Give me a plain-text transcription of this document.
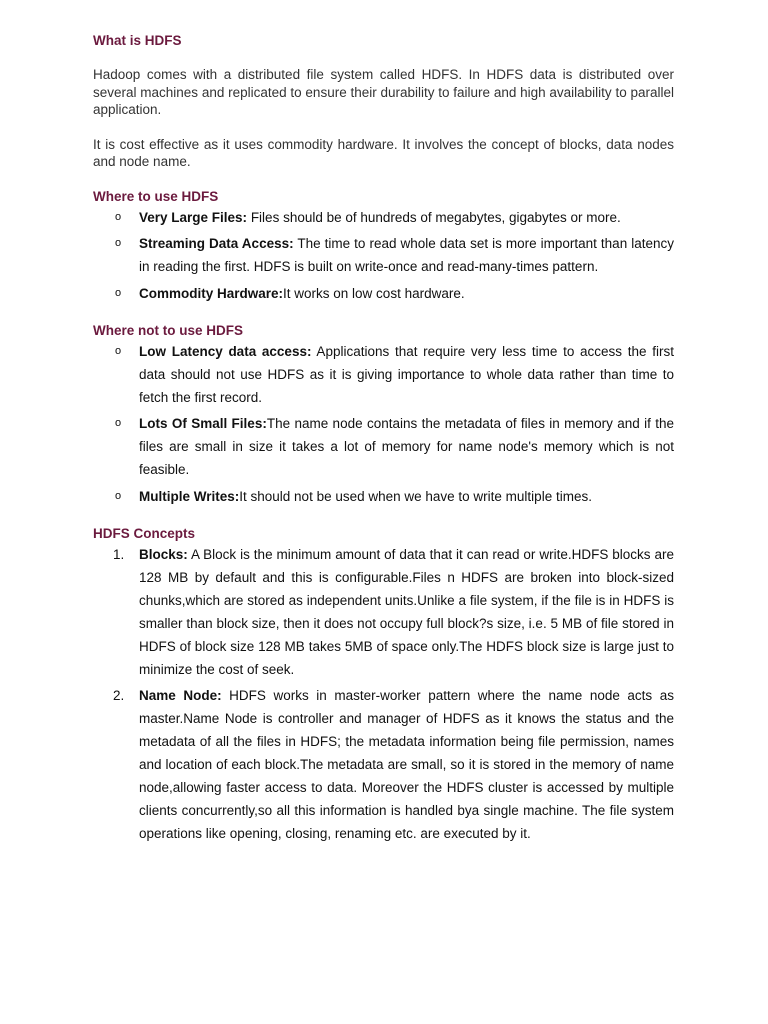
What is HDFS

Hadoop comes with a distributed file system called HDFS. In HDFS data is distributed over several machines and replicated to ensure their durability to failure and high availability to parallel application.

It is cost effective as it uses commodity hardware. It involves the concept of blocks, data nodes and node name.

Where to use HDFS
o Very Large Files: Files should be of hundreds of megabytes, gigabytes or more.
o Streaming Data Access: The time to read whole data set is more important than latency in reading the first. HDFS is built on write-once and read-many-times pattern.
o Commodity Hardware:It works on low cost hardware.
Where not to use HDFS
o Low Latency data access: Applications that require very less time to access the first data should not use HDFS as it is giving importance to whole data rather than time to fetch the first record.
o Lots Of Small Files:The name node contains the metadata of files in memory and if the files are small in size it takes a lot of memory for name node's memory which is not feasible.
o Multiple Writes:It should not be used when we have to write multiple times.
HDFS Concepts
1. Blocks: A Block is the minimum amount of data that it can read or write.HDFS blocks are 128 MB by default and this is configurable.Files n HDFS are broken into block-sized chunks,which are stored as independent units.Unlike a file system, if the file is in HDFS is smaller than block size, then it does not occupy full block?s size, i.e. 5 MB of file stored in HDFS of block size 128 MB takes 5MB of space only.The HDFS block size is large just to minimize the cost of seek.
2. Name Node: HDFS works in master-worker pattern where the name node acts as master.Name Node is controller and manager of HDFS as it knows the status and the metadata of all the files in HDFS; the metadata information being file permission, names and location of each block.The metadata are small, so it is stored in the memory of name node,allowing faster access to data. Moreover the HDFS cluster is accessed by multiple clients concurrently,so all this information is handled bya single machine. The file system operations like opening, closing, renaming etc. are executed by it.
